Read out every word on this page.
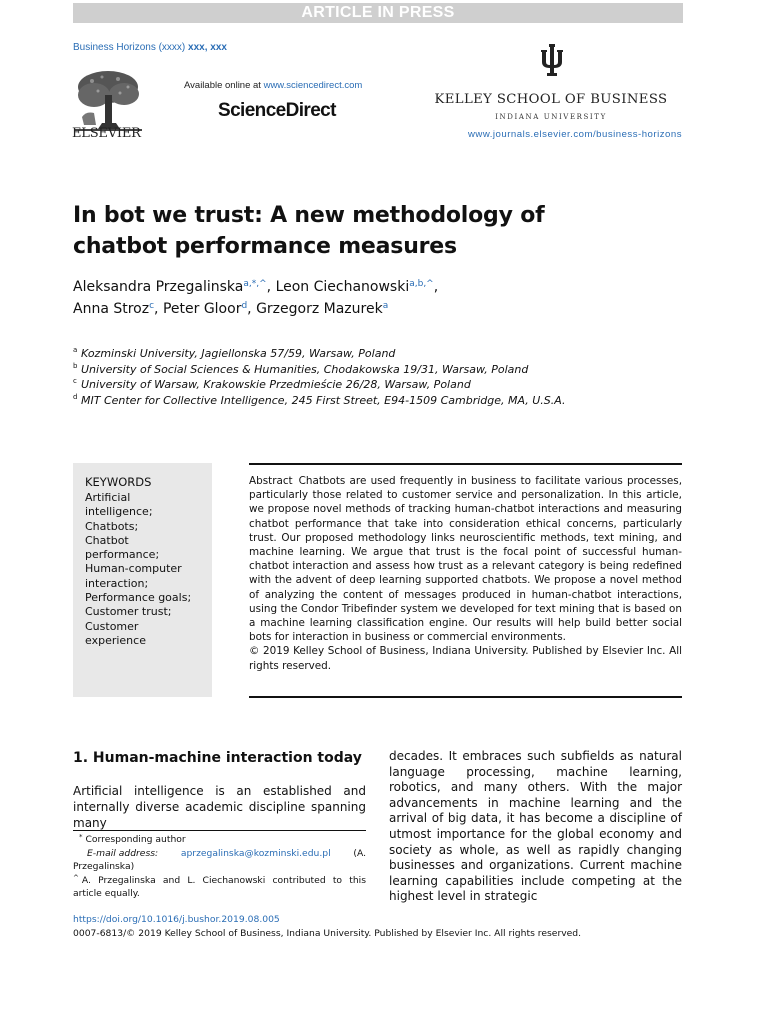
ARTICLE IN PRESS
Business Horizons (xxxx) xxx, xxx
ELSEVIER
Available online at www.sciencedirect.com
ScienceDirect
KELLEY SCHOOL OF BUSINESS
INDIANA UNIVERSITY
www.journals.elsevier.com/business-horizons
In bot we trust: A new methodology of chatbot performance measures
Aleksandra Przegalinska$^{a,*,\^{}}$, Leon Ciechanowski$^{a,b,\^{}}$,
Anna Stroz$^c$, Peter Gloor$^d$, Grzegorz Mazurek$^a$
a Kozminski University, Jagiellonska 57/59, Warsaw, Poland
b University of Social Sciences & Humanities, Chodakowska 19/31, Warsaw, Poland
c University of Warsaw, Krakowskie Przedmieście 26/28, Warsaw, Poland
d MIT Center for Collective Intelligence, 245 First Street, E94-1509 Cambridge, MA, U.S.A.
KEYWORDS
Artificial intelligence;
Chatbots;
Chatbot performance;
Human-computer interaction;
Performance goals;
Customer trust;
Customer experience

Abstract Chatbots are used frequently in business to facilitate various processes, particularly those related to customer service and personalization. In this article, we propose novel methods of tracking human-chatbot interactions and measuring chatbot performance that take into consideration ethical concerns, particularly trust. Our proposed methodology links neuroscientific methods, text mining, and machine learning. We argue that trust is the focal point of successful human-chatbot interaction and assess how trust as a relevant category is being redefined with the advent of deep learning supported chatbots. We propose a novel method of analyzing the content of messages produced in human-chatbot interactions, using the Condor Tribefinder system we developed for text mining that is based on a machine learning classification engine. Our results will help build better social bots for interaction in business or commercial environments.

© 2019 Kelley School of Business, Indiana University. Published by Elsevier Inc. All rights reserved.

1. Human-machine interaction today
Artificial intelligence is an established and internally diverse academic discipline spanning many
decades. It embraces such subfields as natural language processing, machine learning, robotics, and many others. With the major advancements in machine learning and the arrival of big data, it has become a discipline of utmost importance for the global economy and society as whole, as well as rapidly changing businesses and organizations. Current machine learning capabilities include competing at the highest level in strategic
* Corresponding author
E-mail address: aprzegalinska@kozminski.edu.pl (A.
Przegalinska)
^ A. Przegalinska and L. Ciechanowski contributed to this article equally.
https://doi.org/10.1016/j.bushor.2019.08.005
0007-6813/© 2019 Kelley School of Business, Indiana University. Published by Elsevier Inc. All rights reserved.
